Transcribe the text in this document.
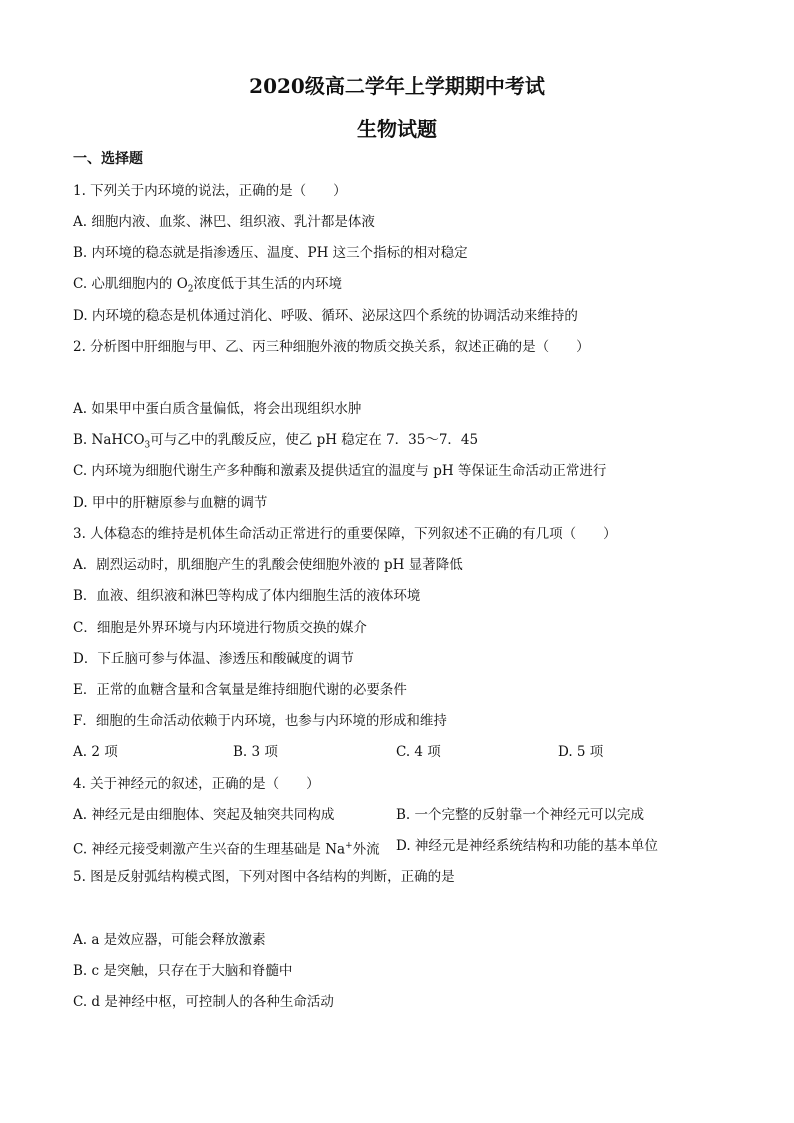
2020级高二学年上学期期中考试
生物试题
一、选择题
1. 下列关于内环境的说法，正确的是（　　）
A. 细胞内液、血浆、淋巴、组织液、乳汁都是体液
B. 内环境的稳态就是指渗透压、温度、PH 这三个指标的相对稳定
C. 心肌细胞内的 $O_2$浓度低于其生活的内环境
D. 内环境的稳态是机体通过消化、呼吸、循环、泌尿这四个系统的协调活动来维持的
2. 分析图中肝细胞与甲、乙、丙三种细胞外液的物质交换关系，叙述正确的是（　　）
A. 如果甲中蛋白质含量偏低，将会出现组织水肿
B. NaHCO$_3$可与乙中的乳酸反应，使乙 pH 稳定在 7．35～7．45
C. 内环境为细胞代谢生产多种酶和激素及提供适宜的温度与 pH 等保证生命活动正常进行
D. 甲中的肝糖原参与血糖的调节
3. 人体稳态的维持是机体生命活动正常进行的重要保障，下列叙述不正确的有几项（　　）
A．剧烈运动时，肌细胞产生的乳酸会使细胞外液的 pH 显著降低
B．血液、组织液和淋巴等构成了体内细胞生活的液体环境
C．细胞是外界环境与内环境进行物质交换的媒介
D．下丘脑可参与体温、渗透压和酸碱度的调节
E．正常的血糖含量和含氧量是维持细胞代谢的必要条件
F．细胞的生命活动依赖于内环境，也参与内环境的形成和维持
A. 2 项	B. 3 项	C. 4 项	D. 5 项
4. 关于神经元的叙述，正确的是（　　）
A. 神经元是由细胞体、突起及轴突共同构成	B. 一个完整的反射靠一个神经元可以完成
C. 神经元接受刺激产生兴奋的生理基础是 Na+外流 D. 神经元是神经系统结构和功能的基本单位
5. 图是反射弧结构模式图，下列对图中各结构的判断，正确的是
A. a 是效应器，可能会释放激素
B. c 是突触，只存在于大脑和脊髓中
C. d 是神经中枢，可控制人的各种生命活动
